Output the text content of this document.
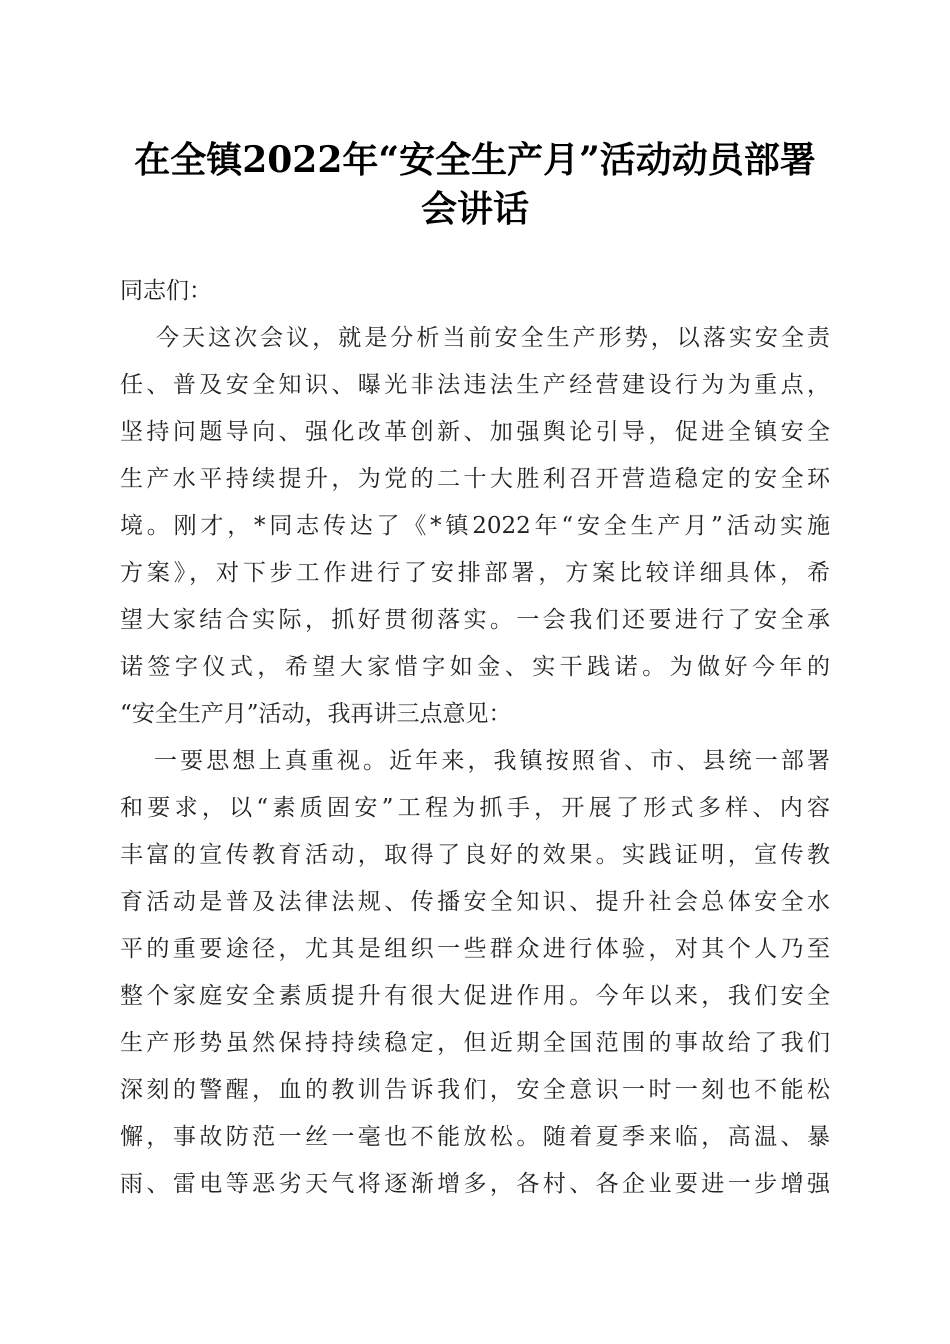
在全镇2022年“安全生产月”活动动员部署
会讲话
同志们：
今天这次会议，就是分析当前安全生产形势，以落实安全责
任、普及安全知识、曝光非法违法生产经营建设行为为重点，
坚持问题导向、强化改革创新、加强舆论引导，促进全镇安全
生产水平持续提升，为党的二十大胜利召开营造稳定的安全环
境。刚才，*同志传达了《*镇2022年“安全生产月”活动实施
方案》，对下步工作进行了安排部署，方案比较详细具体，希
望大家结合实际，抓好贯彻落实。一会我们还要进行了安全承
诺签字仪式，希望大家惜字如金、实干践诺。为做好今年的
“安全生产月”活动，我再讲三点意见：
一要思想上真重视。近年来，我镇按照省、市、县统一部署
和要求，以“素质固安”工程为抓手，开展了形式多样、内容
丰富的宣传教育活动，取得了良好的效果。实践证明，宣传教
育活动是普及法律法规、传播安全知识、提升社会总体安全水
平的重要途径，尤其是组织一些群众进行体验，对其个人乃至
整个家庭安全素质提升有很大促进作用。今年以来，我们安全
生产形势虽然保持持续稳定，但近期全国范围的事故给了我们
深刻的警醒，血的教训告诉我们，安全意识一时一刻也不能松
懈，事故防范一丝一毫也不能放松。随着夏季来临，高温、暴
雨、雷电等恶劣天气将逐渐增多，各村、各企业要进一步增强
